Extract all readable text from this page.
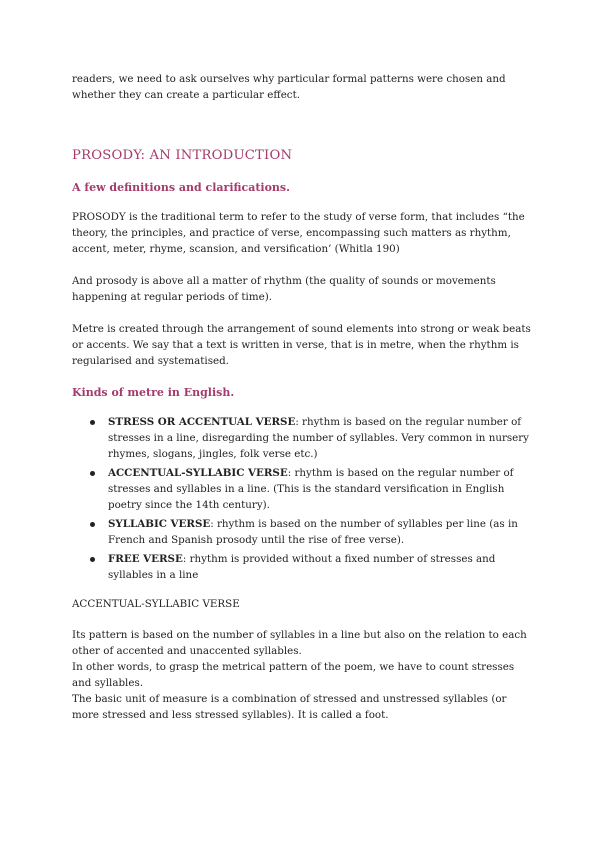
readers, we need to ask ourselves why particular formal patterns were chosen and whether they can create a particular effect.

PROSODY: AN INTRODUCTION
A few definitions and clarifications.

PROSODY is the traditional term to refer to the study of verse form, that includes “the theory, the principles, and practice of verse, encompassing such matters as rhythm, accent, meter, rhyme, scansion, and versification’ (Whitla 190)

And prosody is above all a matter of rhythm (the quality of sounds or movements happening at regular periods of time).

Metre is created through the arrangement of sound elements into strong or weak beats or accents. We say that a text is written in verse, that is in metre, when the rhythm is regularised and systematised.

Kinds of metre in English.
STRESS OR ACCENTUAL VERSE: rhythm is based on the regular number of stresses in a line, disregarding the number of syllables. Very common in nursery rhymes, slogans, jingles, folk verse etc.)
ACCENTUAL-SYLLABIC VERSE: rhythm is based on the regular number of stresses and syllables in a line. (This is the standard versification in English poetry since the 14th century).
SYLLABIC VERSE: rhythm is based on the number of syllables per line (as in French and Spanish prosody until the rise of free verse).
FREE VERSE: rhythm is provided without a fixed number of stresses and syllables in a line

ACCENTUAL-SYLLABIC VERSE

Its pattern is based on the number of syllables in a line but also on the relation to each other of accented and unaccented syllables.

In other words, to grasp the metrical pattern of the poem, we have to count stresses and syllables.

The basic unit of measure is a combination of stressed and unstressed syllables (or more stressed and less stressed syllables). It is called a foot.
